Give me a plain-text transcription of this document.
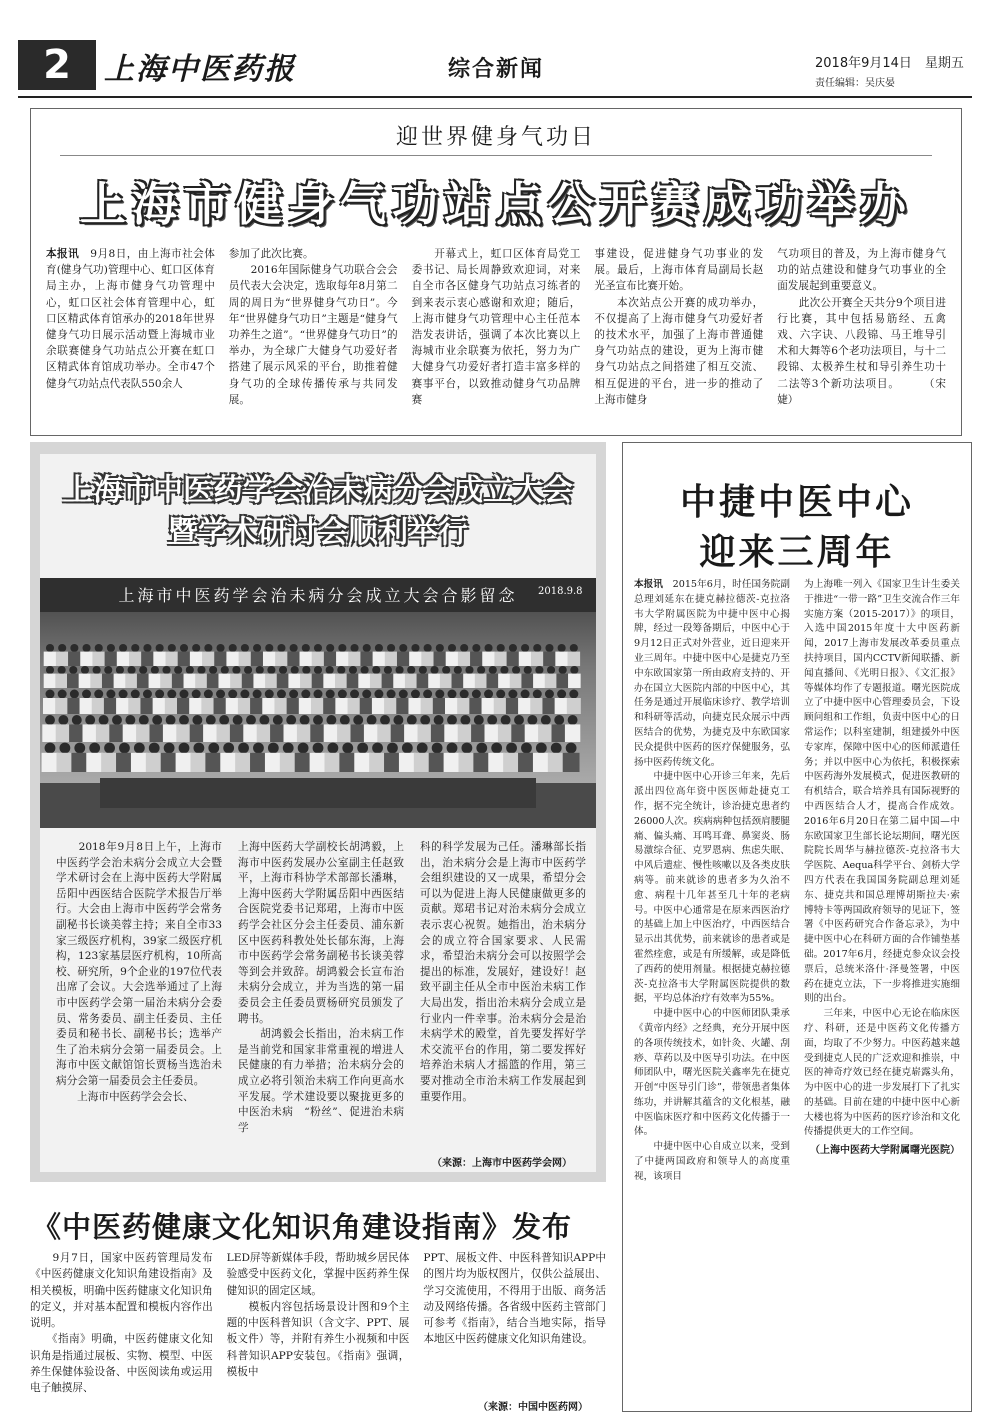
2	上海中医药报	综合新闻	2018年9月14日　星期五
责任编辑：吴庆晏
迎世界健身气功日
上海市健身气功站点公开赛成功举办
本报讯　 9月8日，由上海市社会体育(健身气功)管理中心、虹口区体育局主办，上海市健身气功管理中心，虹口区社会体育管理中心，虹口区精武体育馆承办的2018年世界健身气功日展示活动暨上海城市业余联赛健身气功站点公开赛在虹口区精武体育馆成功举办。全市47个健身气功站点代表队550余人
参加了此次比赛。
　　2016年国际健身气功联合会会员代表大会决定，选取每年8月第二周的周日为“世界健身气功日”。今年“世界健身气功日”主题是“健身气功养生之道”。“世界健身气功日”的举办，为全球广大健身气功爱好者搭建了展示风采的平台，助推着健身气功的全球传播传承与共同发展。
　　开幕式上，虹口区体育局党工委书记、局长周静致欢迎词，对来自全市各区健身气功站点习练者的到来表示衷心感谢和欢迎；随后，上海市健身气功管理中心主任范本浩发表讲话，强调了本次比赛以上海城市业余联赛为依托，努力为广大健身气功爱好者打造丰富多样的赛事平台，以致推动健身气功品牌赛
事建设，促进健身气功事业的发展。最后，上海市体育局副局长赵光圣宣布比赛开始。
　　本次站点公开赛的成功举办，不仅提高了上海市健身气功爱好者的技术水平，加强了上海市普通健身气功站点的建设，更为上海市健身气功站点之间搭建了相互交流、相互促进的平台，进一步的推动了上海市健身
气功项目的普及，为上海市健身气功的站点建设和健身气功事业的全面发展起到重要意义。
　　此次公开赛全天共分9个项目进行比赛，其中包括易筋经、五禽戏、六字诀、八段锦、马王堆导引术和大舞等6个老功法项目，与十二段锦、太极养生杖和导引养生功十二法等3个新功法项目。　　　（宋婕）
上海市中医药学会治未病分会成立大会
暨学术研讨会顺利举行
上海市中医药学会治未病分会成立大会合影留念	2018.9.8
　　2018年9月8日上午，上海市中医药学会治未病分会成立大会暨学术研讨会在上海中医药大学附属岳阳中西医结合医院学术报告厅举行。大会由上海市中医药学会常务副秘书长谈美蓉主持；来自全市33家三级医疗机构，39家二级医疗机构，123家基层医疗机构，10所高校、研究所，9个企业的197位代表出席了会议。大会选举通过了上海市中医药学会第一届治未病分会委员、常务委员、副主任委员、主任委员和秘书长、副秘书长；选举产生了治未病分会第一届委员会。上海市中医文献馆馆长贾杨当选治未病分会第一届委员会主任委员。
　　上海市中医药学会会长、
上海中医药大学副校长胡鸿毅，上海市中医药发展办公室副主任赵致平，上海市科协学术部部长潘琳，上海中医药大学附属岳阳中西医结合医院党委书记郑珺，上海市中医药学会社区分会主任委员、浦东新区中医药科教处处长郁东海，上海市中医药学会常务副秘书长谈美蓉等到会并致辞。胡鸿毅会长宣布治未病分会成立，并为当选的第一届委员会主任委员贾杨研究员颁发了聘书。
　　胡鸿毅会长指出，治未病工作是当前党和国家非常重视的增进人民健康的有力举措；治未病分会的成立必将引领治未病工作向更高水平发展。学术建设要以聚拢更多的中医治未病　“粉丝”、促进治未病学
科的科学发展为己任。潘琳部长指出，治未病分会是上海市中医药学会组织建设的又一成果，希望分会可以为促进上海人民健康做更多的贡献。郑珺书记对治未病分会成立表示衷心祝贺。她指出，治未病分会的成立符合国家要求、人民需求，希望治未病分会可以按照学会提出的标准，发展好，建设好！赵致平副主任从全市中医治未病工作大局出发，指出治未病分会成立是行业内一件幸事。治未病分会是治未病学术的殿堂，首先要发挥好学术交流平台的作用，第二要发挥好培养治未病人才摇篮的作用，第三要对推动全市治未病工作发展起到重要作用。
（来源：上海市中医药学会网）
中捷中医中心
迎来三周年
本报讯　 2015年6月，时任国务院副总理刘延东在捷克赫拉德茨-克拉洛韦大学附属医院为中捷中医中心揭牌，经过一段筹备期后，中医中心于9月12日正式对外营业，近日迎来开业三周年。中捷中医中心是捷克乃至中东欧国家第一所由政府支持的、开办在国立大医院内部的中医中心，其任务是通过开展临床诊疗、教学培训和科研等活动，向捷克民众展示中西医结合的优势，为捷克及中东欧国家民众提供中医药的医疗保健服务，弘扬中医药传统文化。
　　中捷中医中心开诊三年来，先后派出四位高年资中医医师赴捷克工作，据不完全统计，诊治捷克患者约26000人次。疾病病种包括颈肩腰腿痛、偏头痛、耳鸣耳聋、鼻窦炎、肠易激综合征、克罗恩病、焦虑失眠、中风后遗症、慢性咳嗽以及各类皮肤病等。前来就诊的患者多为久治不愈、病程十几年甚至几十年的老病号。中医中心通常是在原来西医治疗的基础上加上中医治疗，中西医结合显示出其优势，前来就诊的患者或是霍然痊愈，或是有所缓解，或是降低了西药的使用剂量。根据捷克赫拉德茨-克拉洛韦大学附属医院提供的数据，平均总体治疗有效率为55%。
　　中捷中医中心的中医师团队秉承《黄帝内经》之经典，充分开展中医的各项传统技术，如针灸、火罐、刮痧、草药以及中医导引功法。在中医师团队中，曙光医院关鑫率先在捷克开创“中医导引门诊”，带领患者集体练功，并讲解其蕴含的文化根基，融中医临床医疗和中医药文化传播于一体。
　　中捷中医中心自成立以来，受到了中捷两国政府和领导人的高度重视，该项目
为上海唯一列入《国家卫生计生委关于推进“一带一路”卫生交流合作三年实施方案（2015-2017）》的项目，入选中国2015年度十大中医药新闻，2017上海市发展改革委员重点扶持项目，国内CCTV新闻联播、新闻直播间、《光明日报》、《文汇报》等媒体均作了专题报道。曙光医院成立了中捷中医中心管理委员会，下设顾问组和工作组，负责中医中心的日常运作；以科室建制，组建援外中医专家库，保障中医中心的医师派遣任务；并以中医中心为依托，积极探索中医药海外发展模式，促进医教研的有机结合，联合培养具有国际视野的中西医结合人才，提高合作成效。2016年6月20日在第二届中国—中东欧国家卫生部长论坛期间，曙光医院院长周华与赫拉德茨-克拉洛韦大学医院、Aequa科学平台、剑桥大学四方代表在我国国务院副总理刘延东、捷克共和国总理博胡斯拉夫·索博特卡等两国政府领导的见证下，签署《中医药研究合作备忘录》，为中捷中医中心在科研方面的合作铺垫基础。2017年6月，经捷克参众议会投票后，总统米洛什·泽曼签署，中医药在捷克立法，下一步将推进实施细则的出台。
　　三年来，中医中心无论在临床医疗、科研，还是中医药文化传播方面，均取了不少努力。中医药越来越受到捷克人民的广泛欢迎和推崇，中医的神奇疗效已经在捷克崭露头角，为中医中心的进一步发展打下了扎实的基础。目前在建的中捷中医中心新大楼也将为中医药的医疗诊治和文化传播提供更大的工作空间。
（上海中医药大学附属曙光医院）
《中医药健康文化知识角建设指南》发布
　　9月7日，国家中医药管理局发布《中医药健康文化知识角建设指南》及相关模板，明确中医药健康文化知识角的定义，并对基本配置和模板内容作出说明。
　　《指南》明确，中医药健康文化知识角是指通过展板、实物、模型、中医养生保健体验设备、中医阅读角或运用电子触摸屏、
LED屏等新媒体手段，帮助城乡居民体验感受中医药文化，掌握中医药养生保健知识的固定区域。
　　模板内容包括场景设计图和9个主题的中医科普知识（含文字、PPT、展板文件）等，并附有养生小视频和中医科普知识APP安装包。《指南》强调，模板中
PPT、展板文件、中医科普知识APP中的图片均为版权图片，仅供公益展出、学习交流使用，不得用于出版、商务活动及网络传播。各省级中医药主管部门可参考《指南》，结合当地实际，指导本地区中医药健康文化知识角建设。
（来源：中国中医药网）
